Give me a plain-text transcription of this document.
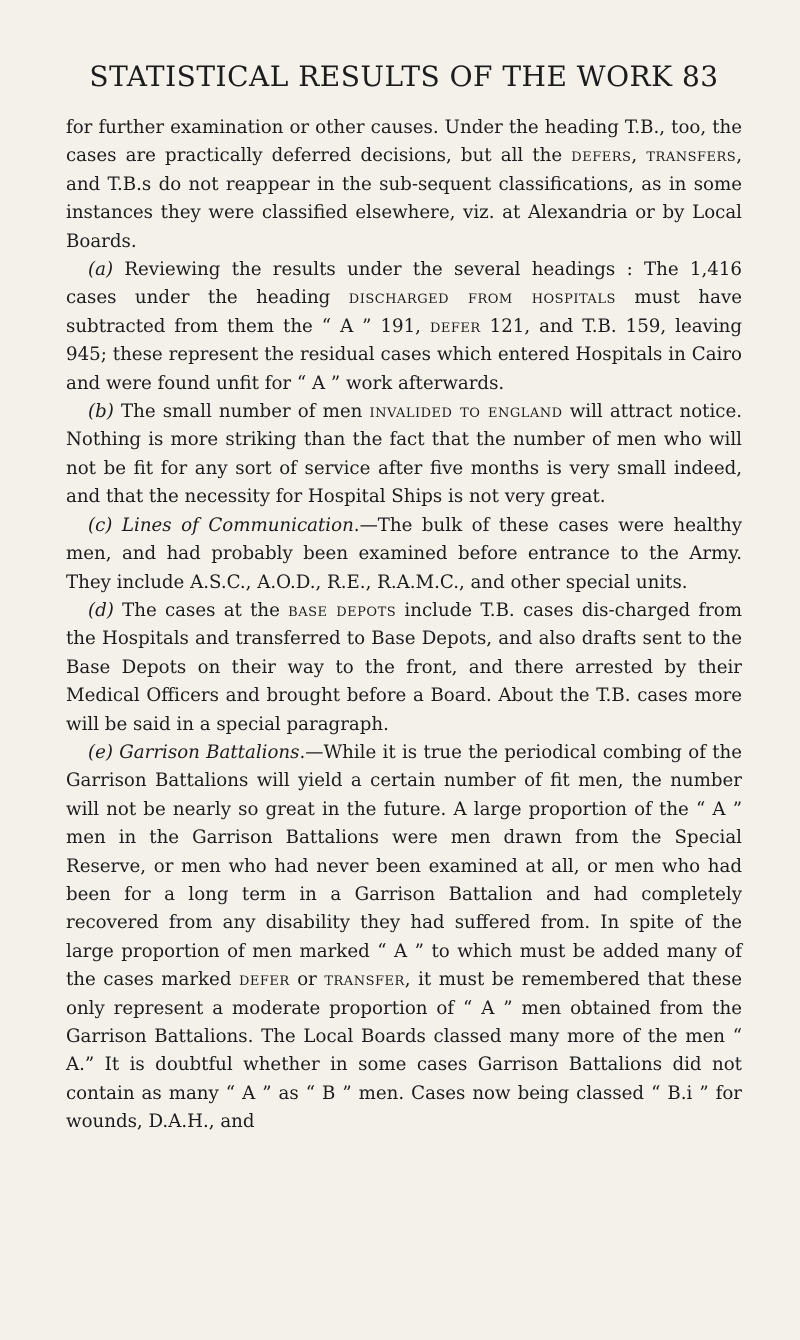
STATISTICAL RESULTS OF THE WORK 83

for further examination or other causes. Under the heading T.B., too, the cases are practically deferred decisions, but all the defers, transfers, and T.B.s do not reappear in the sub-sequent classifications, as in some instances they were classified elsewhere, viz. at Alexandria or by Local Boards.

(a) Reviewing the results under the several headings : The 1,416 cases under the heading discharged from hospitals must have subtracted from them the “ A ” 191, defer 121, and T.B. 159, leaving 945; these represent the residual cases which entered Hospitals in Cairo and were found unfit for “ A ” work afterwards.

(b) The small number of men invalided to england will attract notice. Nothing is more striking than the fact that the number of men who will not be fit for any sort of service after five months is very small indeed, and that the necessity for Hospital Ships is not very great.

(c) Lines of Communication.—The bulk of these cases were healthy men, and had probably been examined before entrance to the Army. They include A.S.C., A.O.D., R.E., R.A.M.C., and other special units.

(d) The cases at the base depots include T.B. cases dis-charged from the Hospitals and transferred to Base Depots, and also drafts sent to the Base Depots on their way to the front, and there arrested by their Medical Officers and brought before a Board. About the T.B. cases more will be said in a special paragraph.

(e) Garrison Battalions.—While it is true the periodical combing of the Garrison Battalions will yield a certain number of fit men, the number will not be nearly so great in the future. A large proportion of the “ A ” men in the Garrison Battalions were men drawn from the Special Reserve, or men who had never been examined at all, or men who had been for a long term in a Garrison Battalion and had completely recovered from any disability they had suffered from. In spite of the large proportion of men marked “ A ” to which must be added many of the cases marked defer or transfer, it must be remembered that these only represent a moderate proportion of “ A ” men obtained from the Garrison Battalions. The Local Boards classed many more of the men “ A.” It is doubtful whether in some cases Garrison Battalions did not contain as many “ A ” as “ B ” men. Cases now being classed “ B.i ” for wounds, D.A.H., and
